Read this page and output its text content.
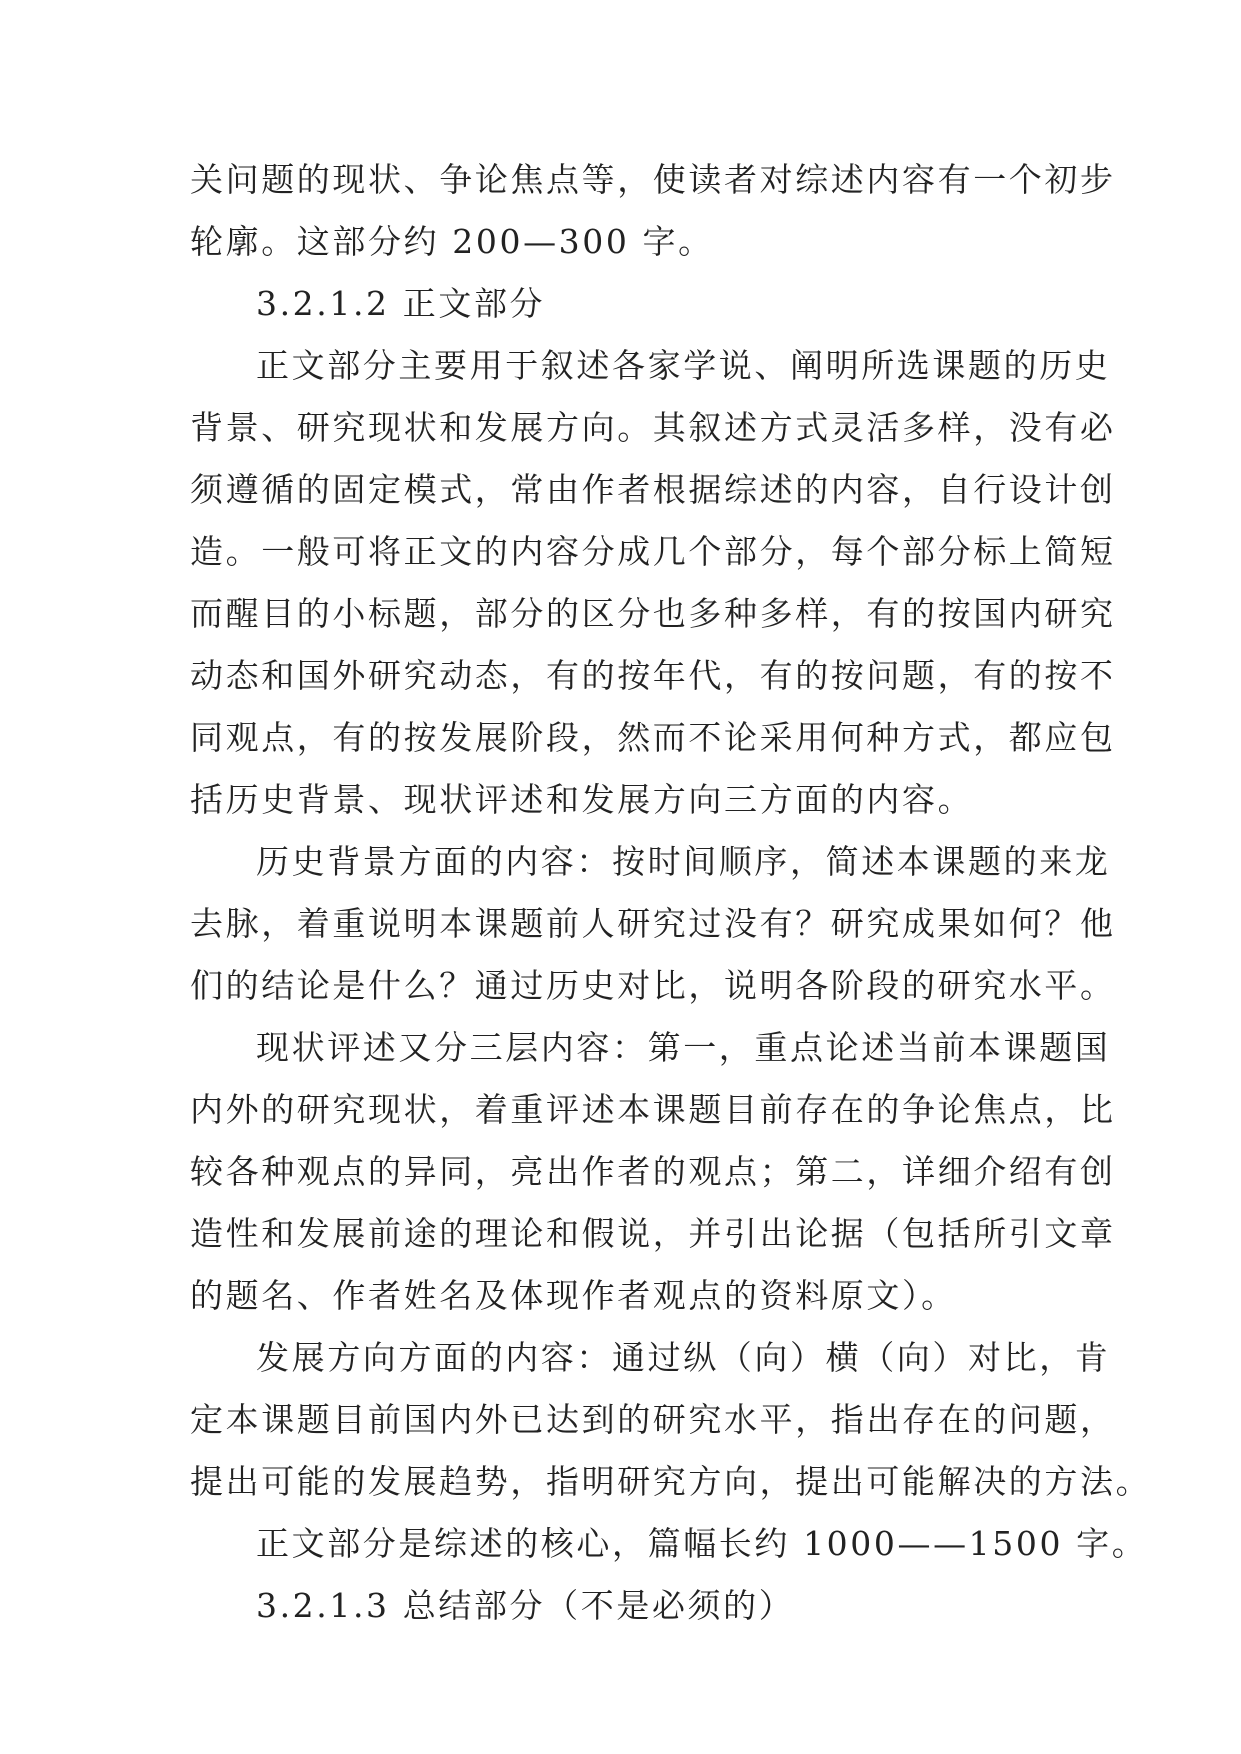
关问题的现状、争论焦点等，使读者对综述内容有一个初步
轮廓。这部分约 200—300 字。
3.2.1.2 正文部分
正文部分主要用于叙述各家学说、阐明所选课题的历史
背景、研究现状和发展方向。其叙述方式灵活多样，没有必
须遵循的固定模式，常由作者根据综述的内容，自行设计创
造。一般可将正文的内容分成几个部分，每个部分标上简短
而醒目的小标题，部分的区分也多种多样，有的按国内研究
动态和国外研究动态，有的按年代，有的按问题，有的按不
同观点，有的按发展阶段，然而不论采用何种方式，都应包
括历史背景、现状评述和发展方向三方面的内容。
历史背景方面的内容：按时间顺序，简述本课题的来龙
去脉，着重说明本课题前人研究过没有？研究成果如何？他
们的结论是什么？通过历史对比，说明各阶段的研究水平。
现状评述又分三层内容：第一，重点论述当前本课题国
内外的研究现状，着重评述本课题目前存在的争论焦点，比
较各种观点的异同，亮出作者的观点；第二，详细介绍有创
造性和发展前途的理论和假说，并引出论据（包括所引文章
的题名、作者姓名及体现作者观点的资料原文）。
发展方向方面的内容：通过纵（向）横（向）对比，肯
定本课题目前国内外已达到的研究水平，指出存在的问题，
提出可能的发展趋势，指明研究方向，提出可能解决的方法。
正文部分是综述的核心，篇幅长约 1000——1500 字。
3.2.1.3 总结部分（不是必须的）
